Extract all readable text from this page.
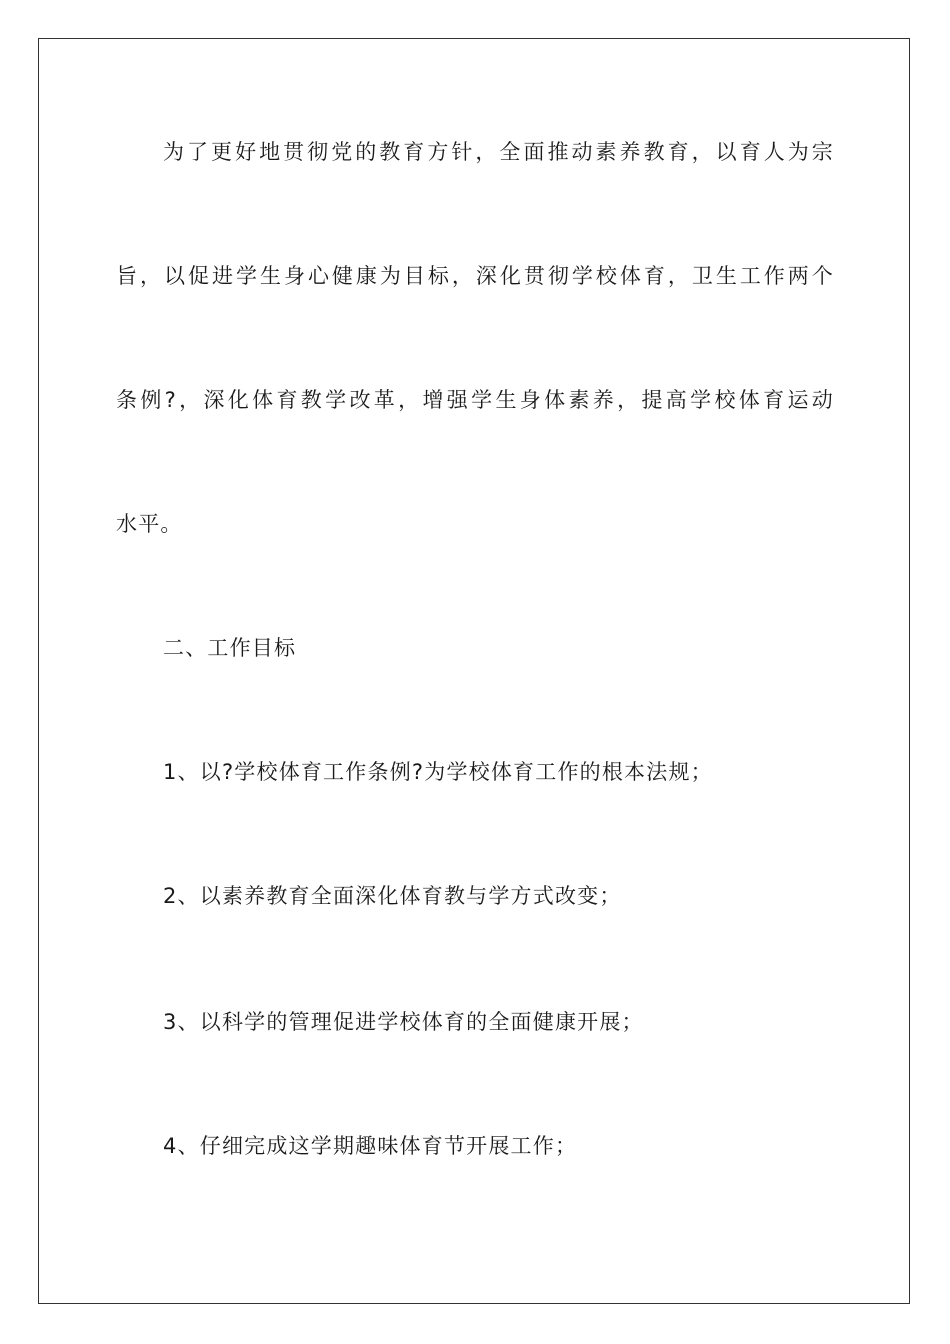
为了更好地贯彻党的教育方针，全面推动素养教育，以育人为宗
旨，以促进学生身心健康为目标，深化贯彻学校体育，卫生工作两个
条例?，深化体育教学改革，增强学生身体素养，提高学校体育运动
水平。
二、工作目标
1、以?学校体育工作条例?为学校体育工作的根本法规；
2、以素养教育全面深化体育教与学方式改变；
3、以科学的管理促进学校体育的全面健康开展；
4、仔细完成这学期趣味体育节开展工作；
